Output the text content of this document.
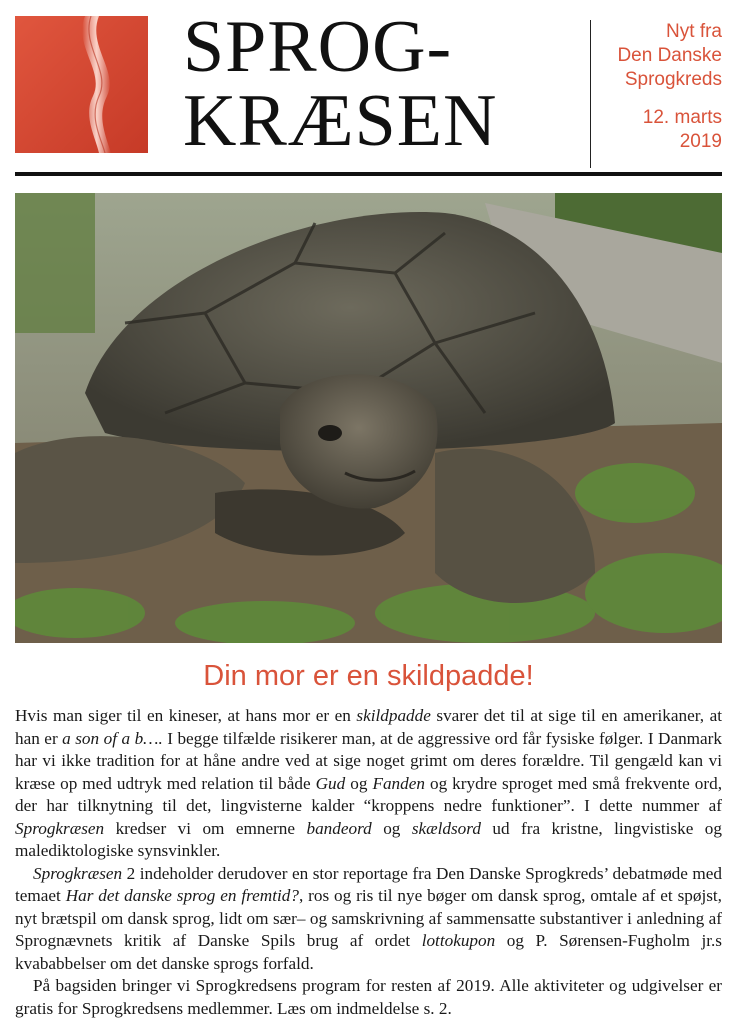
SPROG-
KRÆSEN
Nyt fra
Den Danske
Sprogkreds
12. marts
2019
Din mor er en skildpadde!

Hvis man siger til en kineser, at hans mor er en skildpadde svarer det til at sige til en amerikaner, at han er a son of a b…. I begge tilfælde risikerer man, at de aggressive ord får fysiske følger. I Danmark har vi ikke tradition for at håne andre ved at sige noget grimt om deres forældre. Til gengæld kan vi kræse op med udtryk med relation til både Gud og Fanden og krydre sproget med små frekvente ord, der har tilknytning til det, lingvisterne kalder “kroppens nedre funktioner”. I dette nummer af Sprogkræsen kredser vi om emnerne bandeord og skældsord ud fra kristne, lingvistiske og malediktologiske synsvinkler.

Sprogkræsen 2 indeholder derudover en stor reportage fra Den Danske Sprogkreds’ debatmøde med temaet Har det danske sprog en fremtid?, ros og ris til nye bøger om dansk sprog, omtale af et spøjst, nyt brætspil om dansk sprog, lidt om sær– og samskrivning af sammensatte substantiver i anledning af Sprognævnets kritik af Danske Spils brug af ordet lottokupon og P. Sørensen-Fugholm jr.s kvababbelser om det danske sprogs forfald.

På bagsiden bringer vi Sprogkredsens program for resten af 2019. Alle aktiviteter og udgivelser er gratis for Sprogkredsens medlemmer. Læs om indmeldelse s. 2.
